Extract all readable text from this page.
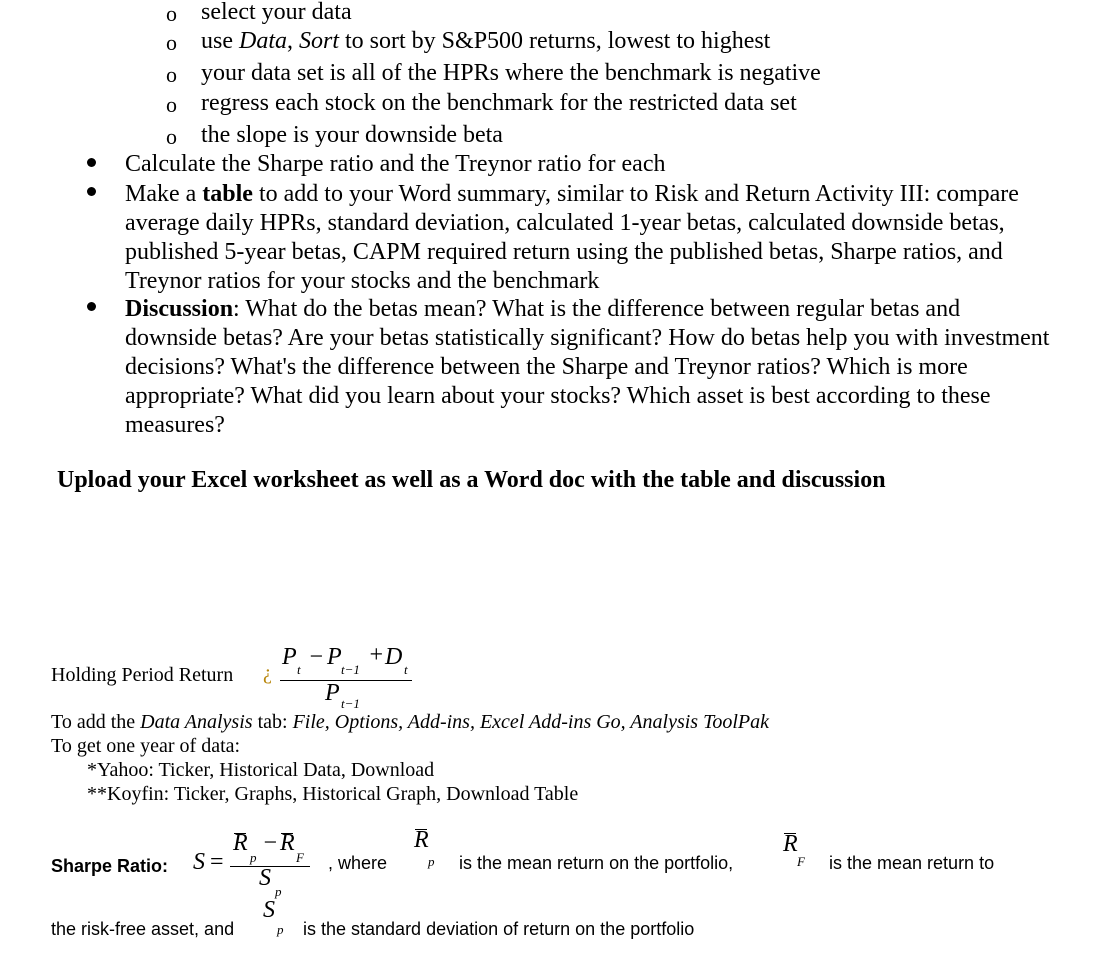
o select your data
o use Data, Sort to sort by S&P500 returns, lowest to highest
o your data set is all of the HPRs where the benchmark is negative
o regress each stock on the benchmark for the restricted data set
o the slope is your downside beta
Calculate the Sharpe ratio and the Treynor ratio for each
Make a table to add to your Word summary, similar to Risk and Return Activity III: compare average daily HPRs, standard deviation, calculated 1-year betas, calculated downside betas, published 5-year betas, CAPM required return using the published betas, Sharpe ratios, and Treynor ratios for your stocks and the benchmark
Discussion: What do the betas mean? What is the difference between regular betas and downside betas? Are your betas statistically significant? How do betas help you with investment decisions? What's the difference between the Sharpe and Treynor ratios? Which is more appropriate? What did you learn about your stocks? Which asset is best according to these measures?
Upload your Excel worksheet as well as a Word doc with the table and discussion
Holding Period Return ¿
P t − P t−1
+ D t
P t−1
To add the Data Analysis tab: File, Options, Add-ins, Excel Add-ins Go, Analysis ToolPak
To get one year of data:
*Yahoo: Ticker, Historical Data, Download
**Koyfin: Ticker, Graphs, Historical Graph, Download Table
Sharpe Ratio: S =
R
p
− R
F
S
p
, where
R
p is the mean return on the portfolio,
R
F is the mean return to
the risk-free asset, and
S
p is the standard deviation of return on the portfolio
